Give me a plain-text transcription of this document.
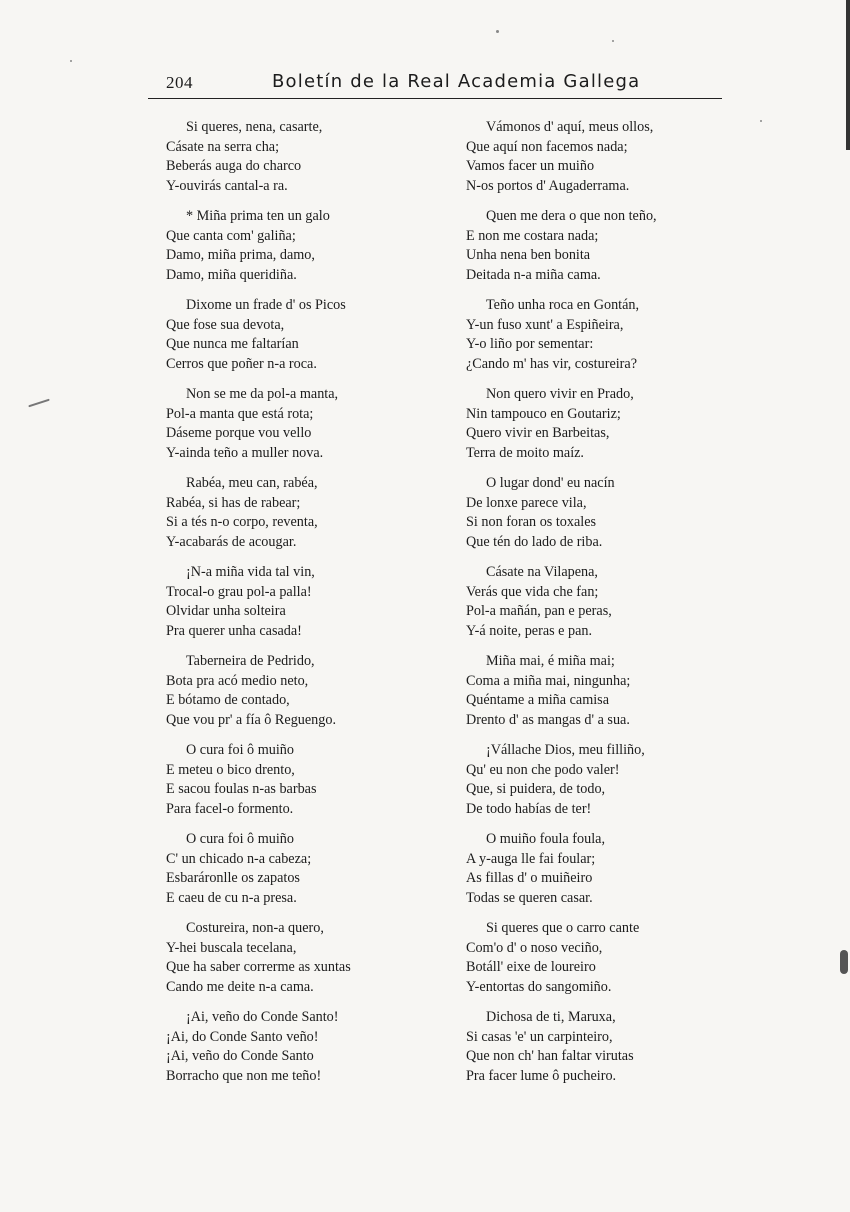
204	Boletín de la Real Academia Gallega
Si queres, nena, casarte,
Cásate na serra cha;
Beberás auga do charco
Y-ouvirás cantal-a ra.
* Miña prima ten un galo
Que canta com' galiña;
Damo, miña prima, damo,
Damo, miña queridiña.
Dixome un frade d' os Picos
Que fose sua devota,
Que nunca me faltarían
Cerros que poñer n-a roca.
Non se me da pol-a manta,
Pol-a manta que está rota;
Dáseme porque vou vello
Y-ainda teño a muller nova.
Rabéa, meu can, rabéa,
Rabéa, si has de rabear;
Si a tés n-o corpo, reventa,
Y-acabarás de acougar.
¡N-a miña vida tal vin,
Trocal-o grau pol-a palla!
Olvidar unha solteira
Pra querer unha casada!
Taberneira de Pedrido,
Bota pra acó medio neto,
E bótamo de contado,
Que vou pr' a fía ô Reguengo.
O cura foi ô muiño
E meteu o bico drento,
E sacou foulas n-as barbas
Para facel-o formento.
O cura foi ô muiño
C' un chicado n-a cabeza;
Esbaráronlle os zapatos
E caeu de cu n-a presa.
Costureira, non-a quero,
Y-hei buscala tecelana,
Que ha saber correrme as xuntas
Cando me deite n-a cama.
¡Ai, veño do Conde Santo!
¡Ai, do Conde Santo veño!
¡Ai, veño do Conde Santo
Borracho que non me teño!
Vámonos d' aquí, meus ollos,
Que aquí non facemos nada;
Vamos facer un muiño
N-os portos d' Augaderrama.
Quen me dera o que non teño,
E non me costara nada;
Unha nena ben bonita
Deitada n-a miña cama.
Teño unha roca en Gontán,
Y-un fuso xunt' a Espiñeira,
Y-o liño por sementar:
¿Cando m' has vir, costureira?
Non quero vivir en Prado,
Nin tampouco en Goutariz;
Quero vivir en Barbeitas,
Terra de moito maíz.
O lugar dond' eu nacín
De lonxe parece vila,
Si non foran os toxales
Que tén do lado de riba.
Cásate na Vilapena,
Verás que vida che fan;
Pol-a mañán, pan e peras,
Y-á noite, peras e pan.
Miña mai, é miña mai;
Coma a miña mai, ningunha;
Quéntame a miña camisa
Drento d' as mangas d' a sua.
¡Vállache Dios, meu filliño,
Qu' eu non che podo valer!
Que, si puidera, de todo,
De todo habías de ter!
O muiño foula foula,
A y-auga lle fai foular;
As fillas d' o muiñeiro
Todas se queren casar.
Si queres que o carro cante
Com'o d' o noso veciño,
Botáll' eixe de loureiro
Y-entortas do sangomiño.
Dichosa de ti, Maruxa,
Si casas 'e' un carpinteiro,
Que non ch' han faltar virutas
Pra facer lume ô pucheiro.
